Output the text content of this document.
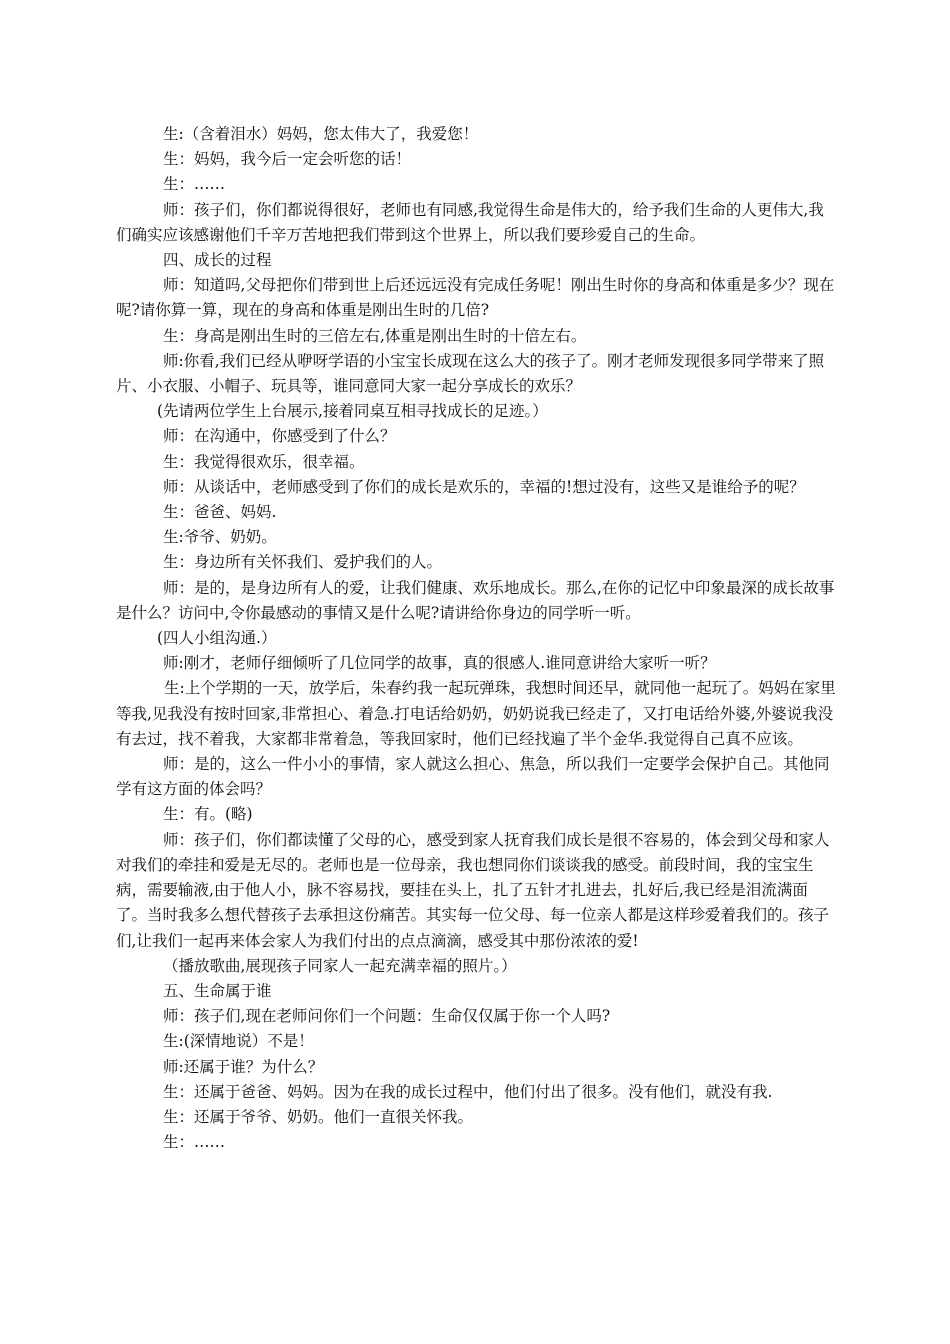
生:（含着泪水）妈妈，您太伟大了，我爱您！

生：妈妈，我今后一定会听您的话！

生：……

师：孩子们，你们都说得很好，老师也有同感,我觉得生命是伟大的，给予我们生命的人更伟大,我们确实应该感谢他们千辛万苦地把我们带到这个世界上，所以我们要珍爱自己的生命。

四、成长的过程

师：知道吗,父母把你们带到世上后还远远没有完成任务呢！刚出生时你的身高和体重是多少？现在呢?请你算一算，现在的身高和体重是刚出生时的几倍?

生：身高是刚出生时的三倍左右,体重是刚出生时的十倍左右。

师:你看,我们已经从咿呀学语的小宝宝长成现在这么大的孩子了。刚才老师发现很多同学带来了照片、小衣服、小帽子、玩具等，谁同意同大家一起分享成长的欢乐？

(先请两位学生上台展示,接着同桌互相寻找成长的足迹。）

师：在沟通中，你感受到了什么？

生：我觉得很欢乐，很幸福。

师：从谈话中，老师感受到了你们的成长是欢乐的，幸福的!想过没有，这些又是谁给予的呢？

生：爸爸、妈妈.

生:爷爷、奶奶。

生：身边所有关怀我们、爱护我们的人。

师：是的，是身边所有人的爱，让我们健康、欢乐地成长。那么,在你的记忆中印象最深的成长故事是什么？访问中,令你最感动的事情又是什么呢?请讲给你身边的同学听一听。

(四人小组沟通.）

师:刚才，老师仔细倾听了几位同学的故事，真的很感人.谁同意讲给大家听一听？

生:上个学期的一天，放学后，朱春约我一起玩弹珠，我想时间还早，就同他一起玩了。妈妈在家里等我,见我没有按时回家,非常担心、着急.打电话给奶奶，奶奶说我已经走了，又打电话给外婆,外婆说我没有去过，找不着我，大家都非常着急，等我回家时，他们已经找遍了半个金华.我觉得自己真不应该。

师：是的，这么一件小小的事情，家人就这么担心、焦急，所以我们一定要学会保护自己。其他同学有这方面的体会吗？

生：有。(略)

师：孩子们，你们都读懂了父母的心，感受到家人抚育我们成长是很不容易的，体会到父母和家人对我们的牵挂和爱是无尽的。老师也是一位母亲，我也想同你们谈谈我的感受。前段时间，我的宝宝生病，需要输液,由于他人小，脉不容易找，要挂在头上，扎了五针才扎进去，扎好后,我已经是泪流满面了。当时我多么想代替孩子去承担这份痛苦。其实每一位父母、每一位亲人都是这样珍爱着我们的。孩子们,让我们一起再来体会家人为我们付出的点点滴滴，感受其中那份浓浓的爱!

（播放歌曲,展现孩子同家人一起充满幸福的照片。）

五、生命属于谁

师：孩子们,现在老师问你们一个问题：生命仅仅属于你一个人吗?

生:(深情地说）不是！

师:还属于谁？为什么？

生：还属于爸爸、妈妈。因为在我的成长过程中，他们付出了很多。没有他们，就没有我.

生：还属于爷爷、奶奶。他们一直很关怀我。

生：……
